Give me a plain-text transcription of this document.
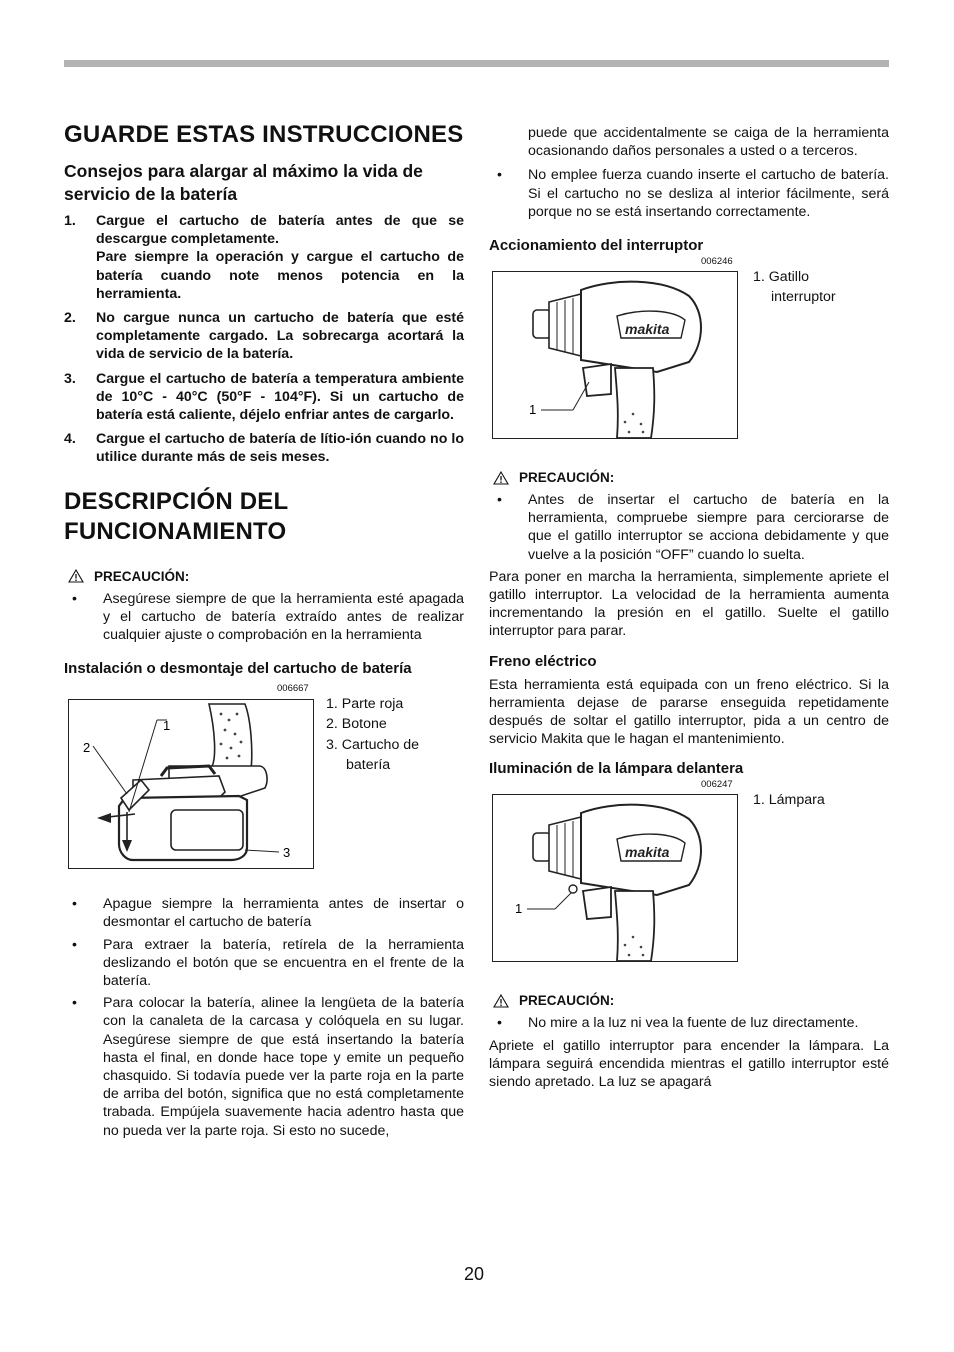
GUARDE ESTAS INSTRUCCIONES
Consejos para alargar al máximo la vida de servicio de la batería
1. Cargue el cartucho de batería antes de que se descargue completamente.
Pare siempre la operación y cargue el cartucho de batería cuando note menos potencia en la herramienta.
2. No cargue nunca un cartucho de batería que esté completamente cargado. La sobrecarga acortará la vida de servicio de la batería.
3. Cargue el cartucho de batería a temperatura ambiente de 10°C - 40°C (50°F - 104°F). Si un cartucho de batería está caliente, déjelo enfriar antes de cargarlo.
4. Cargue el cartucho de batería de lítio-ión cuando no lo utilice durante más de seis meses.
DESCRIPCIÓN DEL FUNCIONAMIENTO
PRECAUCIÓN:
• Asegúrese siempre de que la herramienta esté apagada y el cartucho de batería extraído antes de realizar cualquier ajuste o comprobación en la herramienta
Instalación o desmontaje del cartucho de batería
006667
1
2
3
1. Parte roja
2. Botone
3. Cartucho de
batería
• Apague siempre la herramienta antes de insertar o desmontar el cartucho de batería
• Para extraer la batería, retírela de la herramienta deslizando el botón que se encuentra en el frente de la batería.
• Para colocar la batería, alinee la lengüeta de la batería con la canaleta de la carcasa y colóquela en su lugar. Asegúrese siempre de que está insertando la batería hasta el final, en donde hace tope y emite un pequeño chasquido. Si todavía puede ver la parte roja en la parte de arriba del botón, significa que no está completamente trabada. Empújela suavemente hacia adentro hasta que no pueda ver la parte roja. Si esto no sucede,
puede que accidentalmente se caiga de la herramienta ocasionando daños personales a usted o a terceros.
• No emplee fuerza cuando inserte el cartucho de batería. Si el cartucho no se desliza al interior fácilmente, será porque no se está insertando correctamente.
Accionamiento del interruptor
006246
makita
1
1. Gatillo
interruptor
PRECAUCIÓN:
• Antes de insertar el cartucho de batería en la herramienta, compruebe siempre para cerciorarse de que el gatillo interruptor se acciona debidamente y que vuelve a la posición “OFF” cuando lo suelta.

Para poner en marcha la herramienta, simplemente apriete el gatillo interruptor. La velocidad de la herramienta aumenta incrementando la presión en el gatillo. Suelte el gatillo interruptor para parar.

Freno eléctrico

Esta herramienta está equipada con un freno eléctrico. Si la herramienta dejase de pararse enseguida repetidamente después de soltar el gatillo interruptor, pida a un centro de servicio Makita que le hagan el mantenimiento.

Iluminación de la lámpara delantera
006247
makita
1
1. Lámpara
PRECAUCIÓN:
• No mire a la luz ni vea la fuente de luz directamente.

Apriete el gatillo interruptor para encender la lámpara. La lámpara seguirá encendida mientras el gatillo interruptor esté siendo apretado. La luz se apagará

20
